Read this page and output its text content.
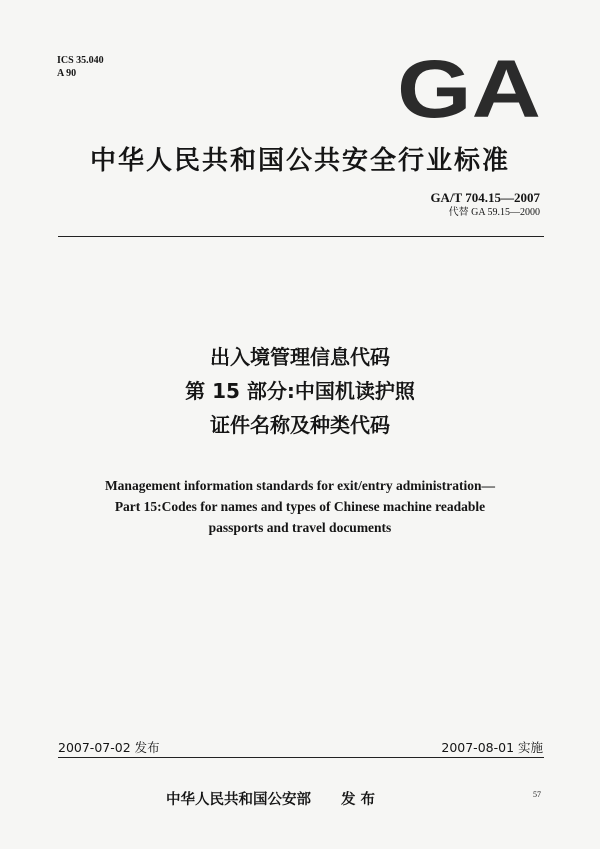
ICS 35.040
A 90	GA
中华人民共和国公共安全行业标准
GA/T 704.15—2007
代替 GA 59.15—2000
出入境管理信息代码
第 15 部分:中国机读护照
证件名称及种类代码
Management information standards for exit/entry administration—
Part 15:Codes for names and types of Chinese machine readable
passports and travel documents
2007-07-02 发布	2007-08-01 实施
中华人民共和国公安部 发 布	57
